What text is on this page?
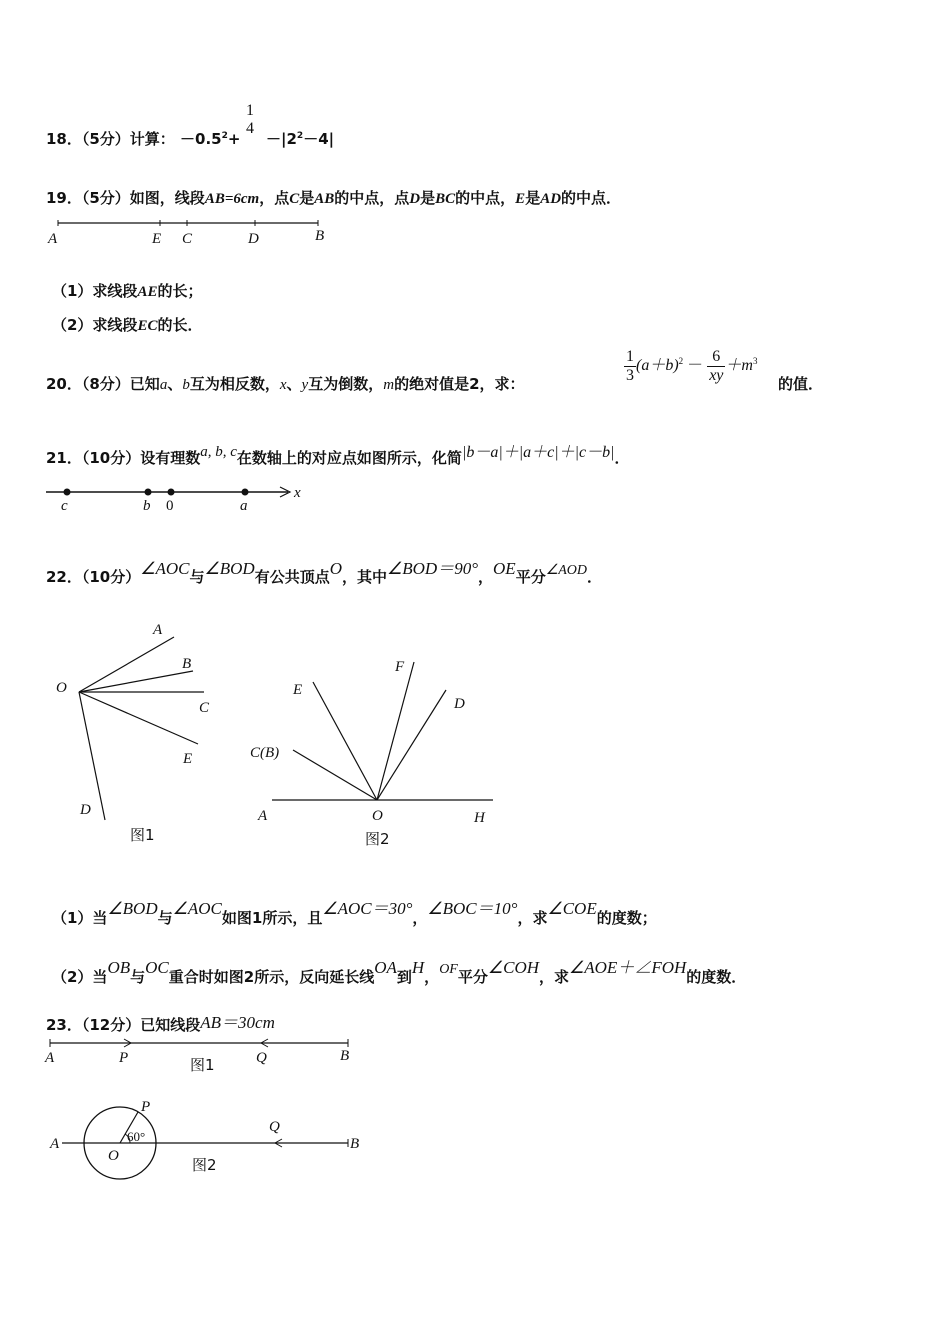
18．（5分）计算： $-0.5^2+$
1
4
$-|2^2-4|$
19．（5分）如图，线段AB=6cm，点C是AB的中点，点D是BC的中点，E是AD的中点．
A	E C	D	B
（1）求线段AE的长；
（2）求线段EC的长．
20．（8分）已知a、b互为相反数，x、y互为倒数，m的绝对值是2，求：	$\frac{1}{3} (a+b)^2 - \frac{6}{xy} +m^3$
的值．
21．（10分）设有理数a, b, c在数轴上的对应点如图所示，化简|b－a|＋|a＋c|＋|c－b|．
c	b 0	a
x
22．（10分）∠AOC与∠BOD有公共顶点O，其中∠BOD＝90°，OE平分∠AOD．
A
B
O
C
E
D
图1
F
E
D
C(B)
A	O	H
图2
（1）当∠BOD与∠AOC如图1所示，且∠AOC＝30°，∠BOC＝10°，求∠COE的度数；
（2）当OB与OC重合时如图2所示，反向延长线OA到H，OF平分∠COH，求∠AOE＋∠FOH的度数．
23．（12分）已知线段AB＝30cm
A	P	Q	B
图1
A
P
60°
O
Q
B
图2
